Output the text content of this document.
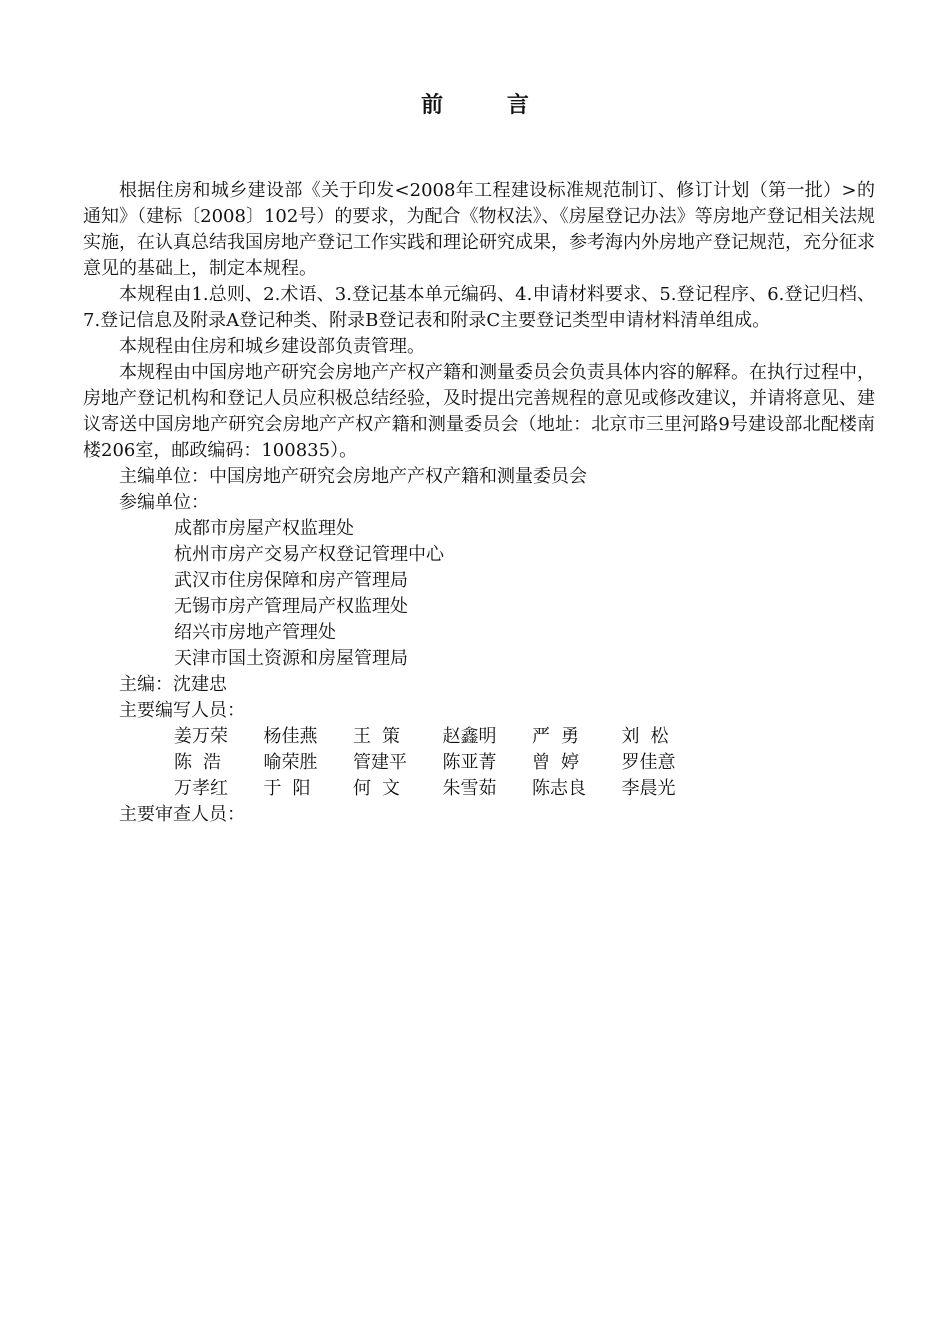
前 言

根据住房和城乡建设部《关于印发<2008年工程建设标准规范制订、修订计划（第一批）>的通知》（建标〔2008〕102号）的要求，为配合《物权法》、《房屋登记办法》等房地产登记相关法规实施，在认真总结我国房地产登记工作实践和理论研究成果，参考海内外房地产登记规范，充分征求意见的基础上，制定本规程。

本规程由1.总则、2.术语、3.登记基本单元编码、4.申请材料要求、5.登记程序、6.登记归档、7.登记信息及附录A登记种类、附录B登记表和附录C主要登记类型申请材料清单组成。

本规程由住房和城乡建设部负责管理。

本规程由中国房地产研究会房地产产权产籍和测量委员会负责具体内容的解释。在执行过程中，房地产登记机构和登记人员应积极总结经验，及时提出完善规程的意见或修改建议，并请将意见、建议寄送中国房地产研究会房地产产权产籍和测量委员会（地址：北京市三里河路9号建设部北配楼南楼206室，邮政编码：100835）。

主编单位：中国房地产研究会房地产产权产籍和测量委员会

参编单位：

成都市房屋产权监理处
杭州市房产交易产权登记管理中心
武汉市住房保障和房产管理局
无锡市房产管理局产权监理处
绍兴市房地产管理处
天津市国土资源和房屋管理局

主编：沈建忠

主要编写人员：

姜万荣	杨佳燕	王策	赵鑫明	严勇	刘松
陈浩	喻荣胜	管建平	陈亚菁	曾婷	罗佳意
万孝红	于阳	何文	朱雪茹	陈志良	李晨光

主要审查人员：
